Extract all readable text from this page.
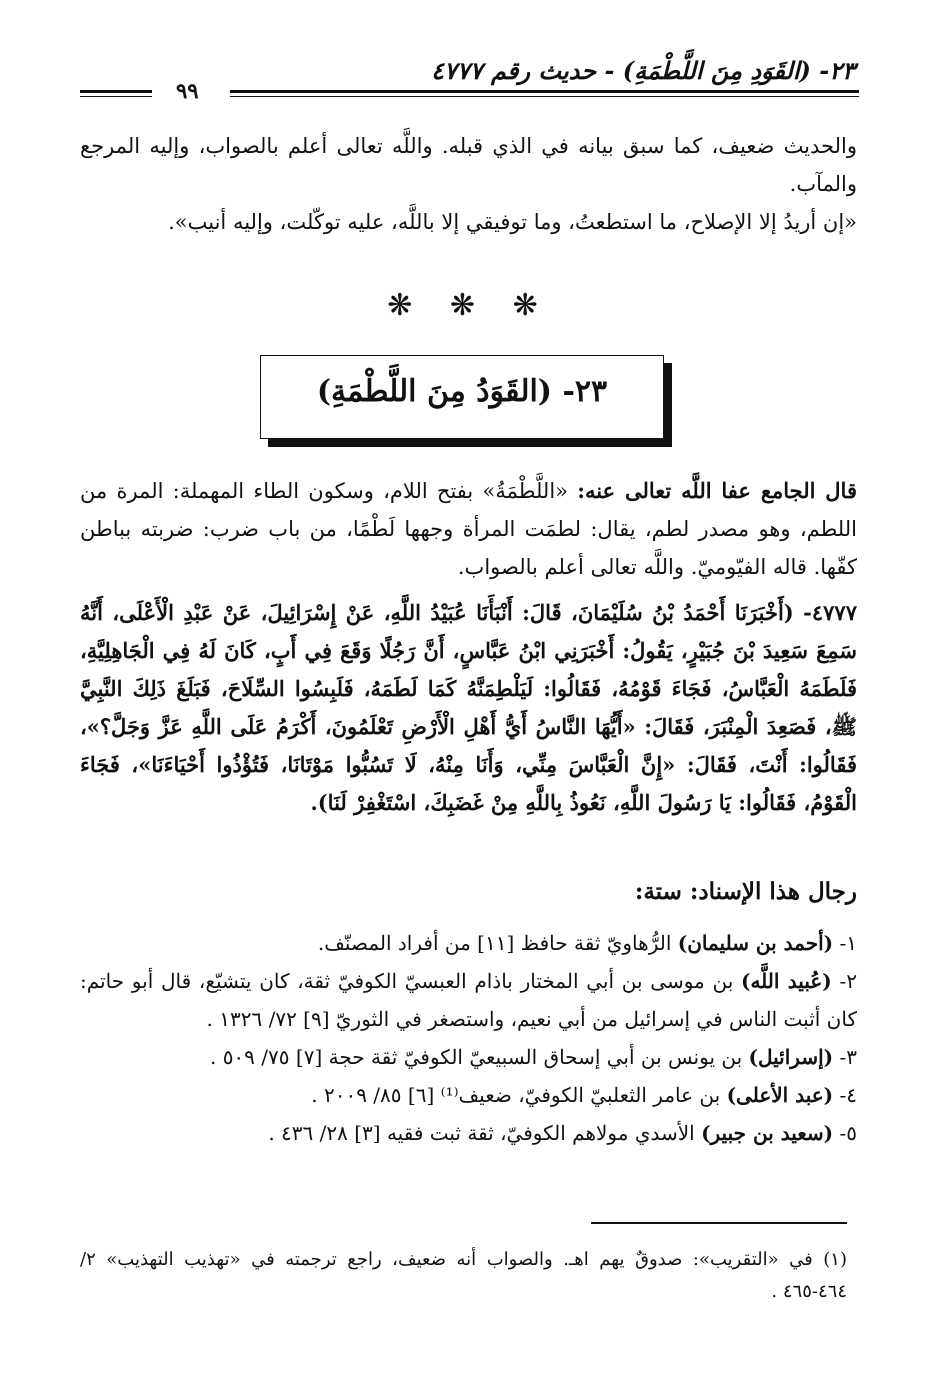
٢٣- (القَوَدِ مِنَ اللَّطْمَةِ) - حديث رقم ٤٧٧٧
٩٩
والحديث ضعيف، كما سبق بيانه في الذي قبله. واللَّه تعالى أعلم بالصواب، وإليه المرجع والمآب.
«إن أريدُ إلا الإصلاح، ما استطعتُ، وما توفيقي إلا باللَّه، عليه توكّلت، وإليه أنيب».
❋ ❋ ❋
٢٣- (القَوَدُ مِنَ اللَّطْمَةِ)
قال الجامع عفا اللَّه تعالى عنه: «اللَّطْمَةُ» بفتح اللام، وسكون الطاء المهملة: المرة من اللطم، وهو مصدر لطم، يقال: لطمَت المرأة وجهها لَطْمًا، من باب ضرب: ضربته بباطن كفّها. قاله الفيّوميّ. واللَّه تعالى أعلم بالصواب.
٤٧٧٧- (أَخْبَرَنَا أَحْمَدُ بْنُ سُلَيْمَانَ، قَالَ: أَنْبَأَنَا عُبَيْدُ اللَّهِ، عَنْ إِسْرَائِيلَ، عَنْ عَبْدِ الْأَعْلَى، أَنَّهُ سَمِعَ سَعِيدَ بْنَ جُبَيْرٍ، يَقُولُ: أَخْبَرَنِي ابْنُ عَبَّاسٍ، أَنَّ رَجُلًا وَقَعَ فِي أَبٍ، كَانَ لَهُ فِي الْجَاهِلِيَّةِ، فَلَطَمَهُ الْعَبَّاسُ، فَجَاءَ قَوْمُهُ، فَقَالُوا: لَيَلْطِمَنَّهُ كَمَا لَطَمَهُ، فَلَبِسُوا السِّلَاحَ، فَبَلَغَ ذَلِكَ النَّبِيَّ ﷺ، فَصَعِدَ الْمِنْبَرَ، فَقَالَ: «أَيُّهَا النَّاسُ أَيُّ أَهْلِ الْأَرْضِ تَعْلَمُونَ، أَكْرَمُ عَلَى اللَّهِ عَزَّ وَجَلَّ؟»، فَقَالُوا: أَنْتَ، فَقَالَ: «إِنَّ الْعَبَّاسَ مِنِّي، وَأَنَا مِنْهُ، لَا تَسُبُّوا مَوْتَانَا، فَتُؤْذُوا أَحْيَاءَنَا»، فَجَاءَ الْقَوْمُ، فَقَالُوا: يَا رَسُولَ اللَّهِ، نَعُوذُ بِاللَّهِ مِنْ غَضَبِكَ، اسْتَغْفِرْ لَنَا).
رجال هذا الإسناد: ستة:

١- (أحمد بن سليمان) الرُّهاويّ ثقة حافظ [١١] من أفراد المصنّف.

٢- (عُبيد اللَّه) بن موسى بن أبي المختار باذام العبسيّ الكوفيّ ثقة، كان يتشيّع، قال أبو حاتم: كان أثبت الناس في إسرائيل من أبي نعيم، واستصغر في الثوريّ [٩] ٧٢/ ١٣٢٦ .

٣- (إسرائيل) بن يونس بن أبي إسحاق السبيعيّ الكوفيّ ثقة حجة [٧] ٧٥/ ٥٠٩ .

٤- (عبد الأعلى) بن عامر الثعلبيّ الكوفيّ، ضعيف⁽¹⁾ [٦] ٨٥/ ٢٠٠٩ .

٥- (سعيد بن جبير) الأسدي مولاهم الكوفيّ، ثقة ثبت فقيه [٣] ٢٨/ ٤٣٦ .

(١) في «التقريب»: صدوقٌ يهم اهـ. والصواب أنه ضعيف، راجع ترجمته في «تهذيب التهذيب» ٢/ ٤٦٤-٤٦٥ .
